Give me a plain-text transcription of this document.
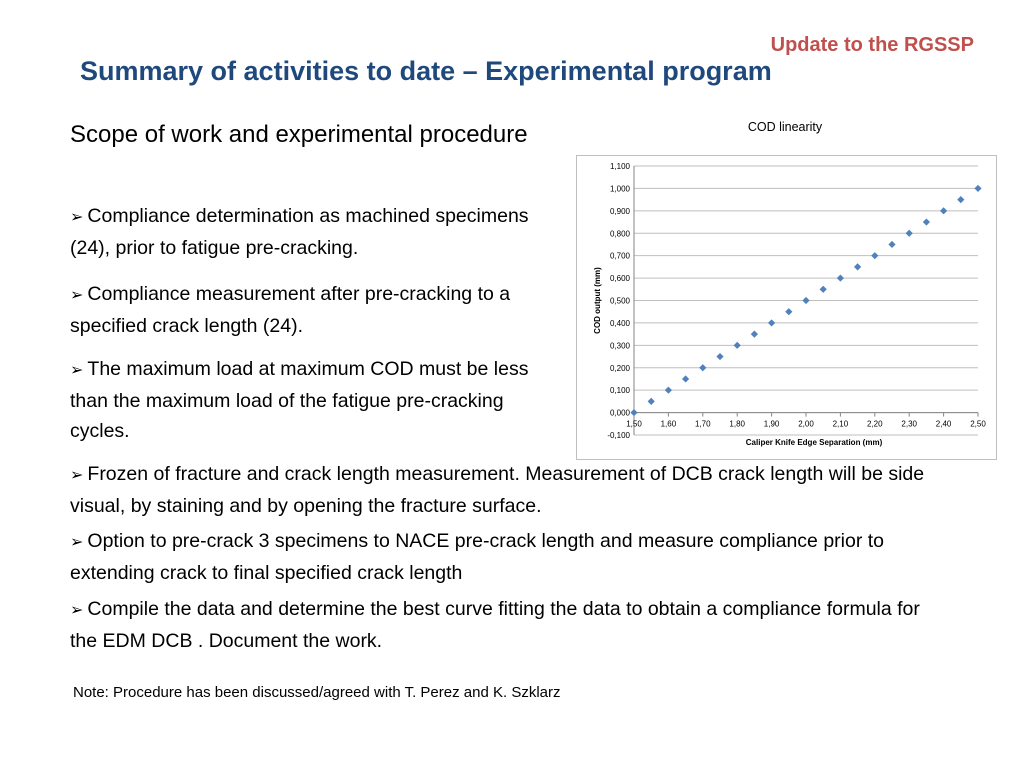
Update to the RGSSP
Summary of activities to date – Experimental program
Scope of work and experimental procedure
➢ Compliance determination as machined specimens (24), prior to fatigue pre-cracking.
➢ Compliance measurement after pre-cracking to a specified crack length (24).
➢ The maximum load at maximum COD must be less than the maximum load of the fatigue pre-cracking cycles.
➢ Frozen of fracture and crack length measurement. Measurement of DCB crack length will be side visual, by staining and by opening the fracture surface.
➢ Option to pre-crack 3 specimens to NACE pre-crack length and measure compliance prior to extending crack to final specified crack length
➢ Compile the data and determine the best curve fitting the data to obtain a compliance formula for the EDM DCB . Document the work.
Note: Procedure has been discussed/agreed with T. Perez and K. Szklarz
COD linearity
-0,100
0,000
0,100
0,200
0,300
0,400
0,500
0,600
0,700
0,800
0,900
1,000
1,100
1,50 1,60 1,70 1,80 1,90 2,00 2,10 2,20 2,30 2,40 2,50
Caliper Knife Edge Separation (mm)
COD output (mm)
